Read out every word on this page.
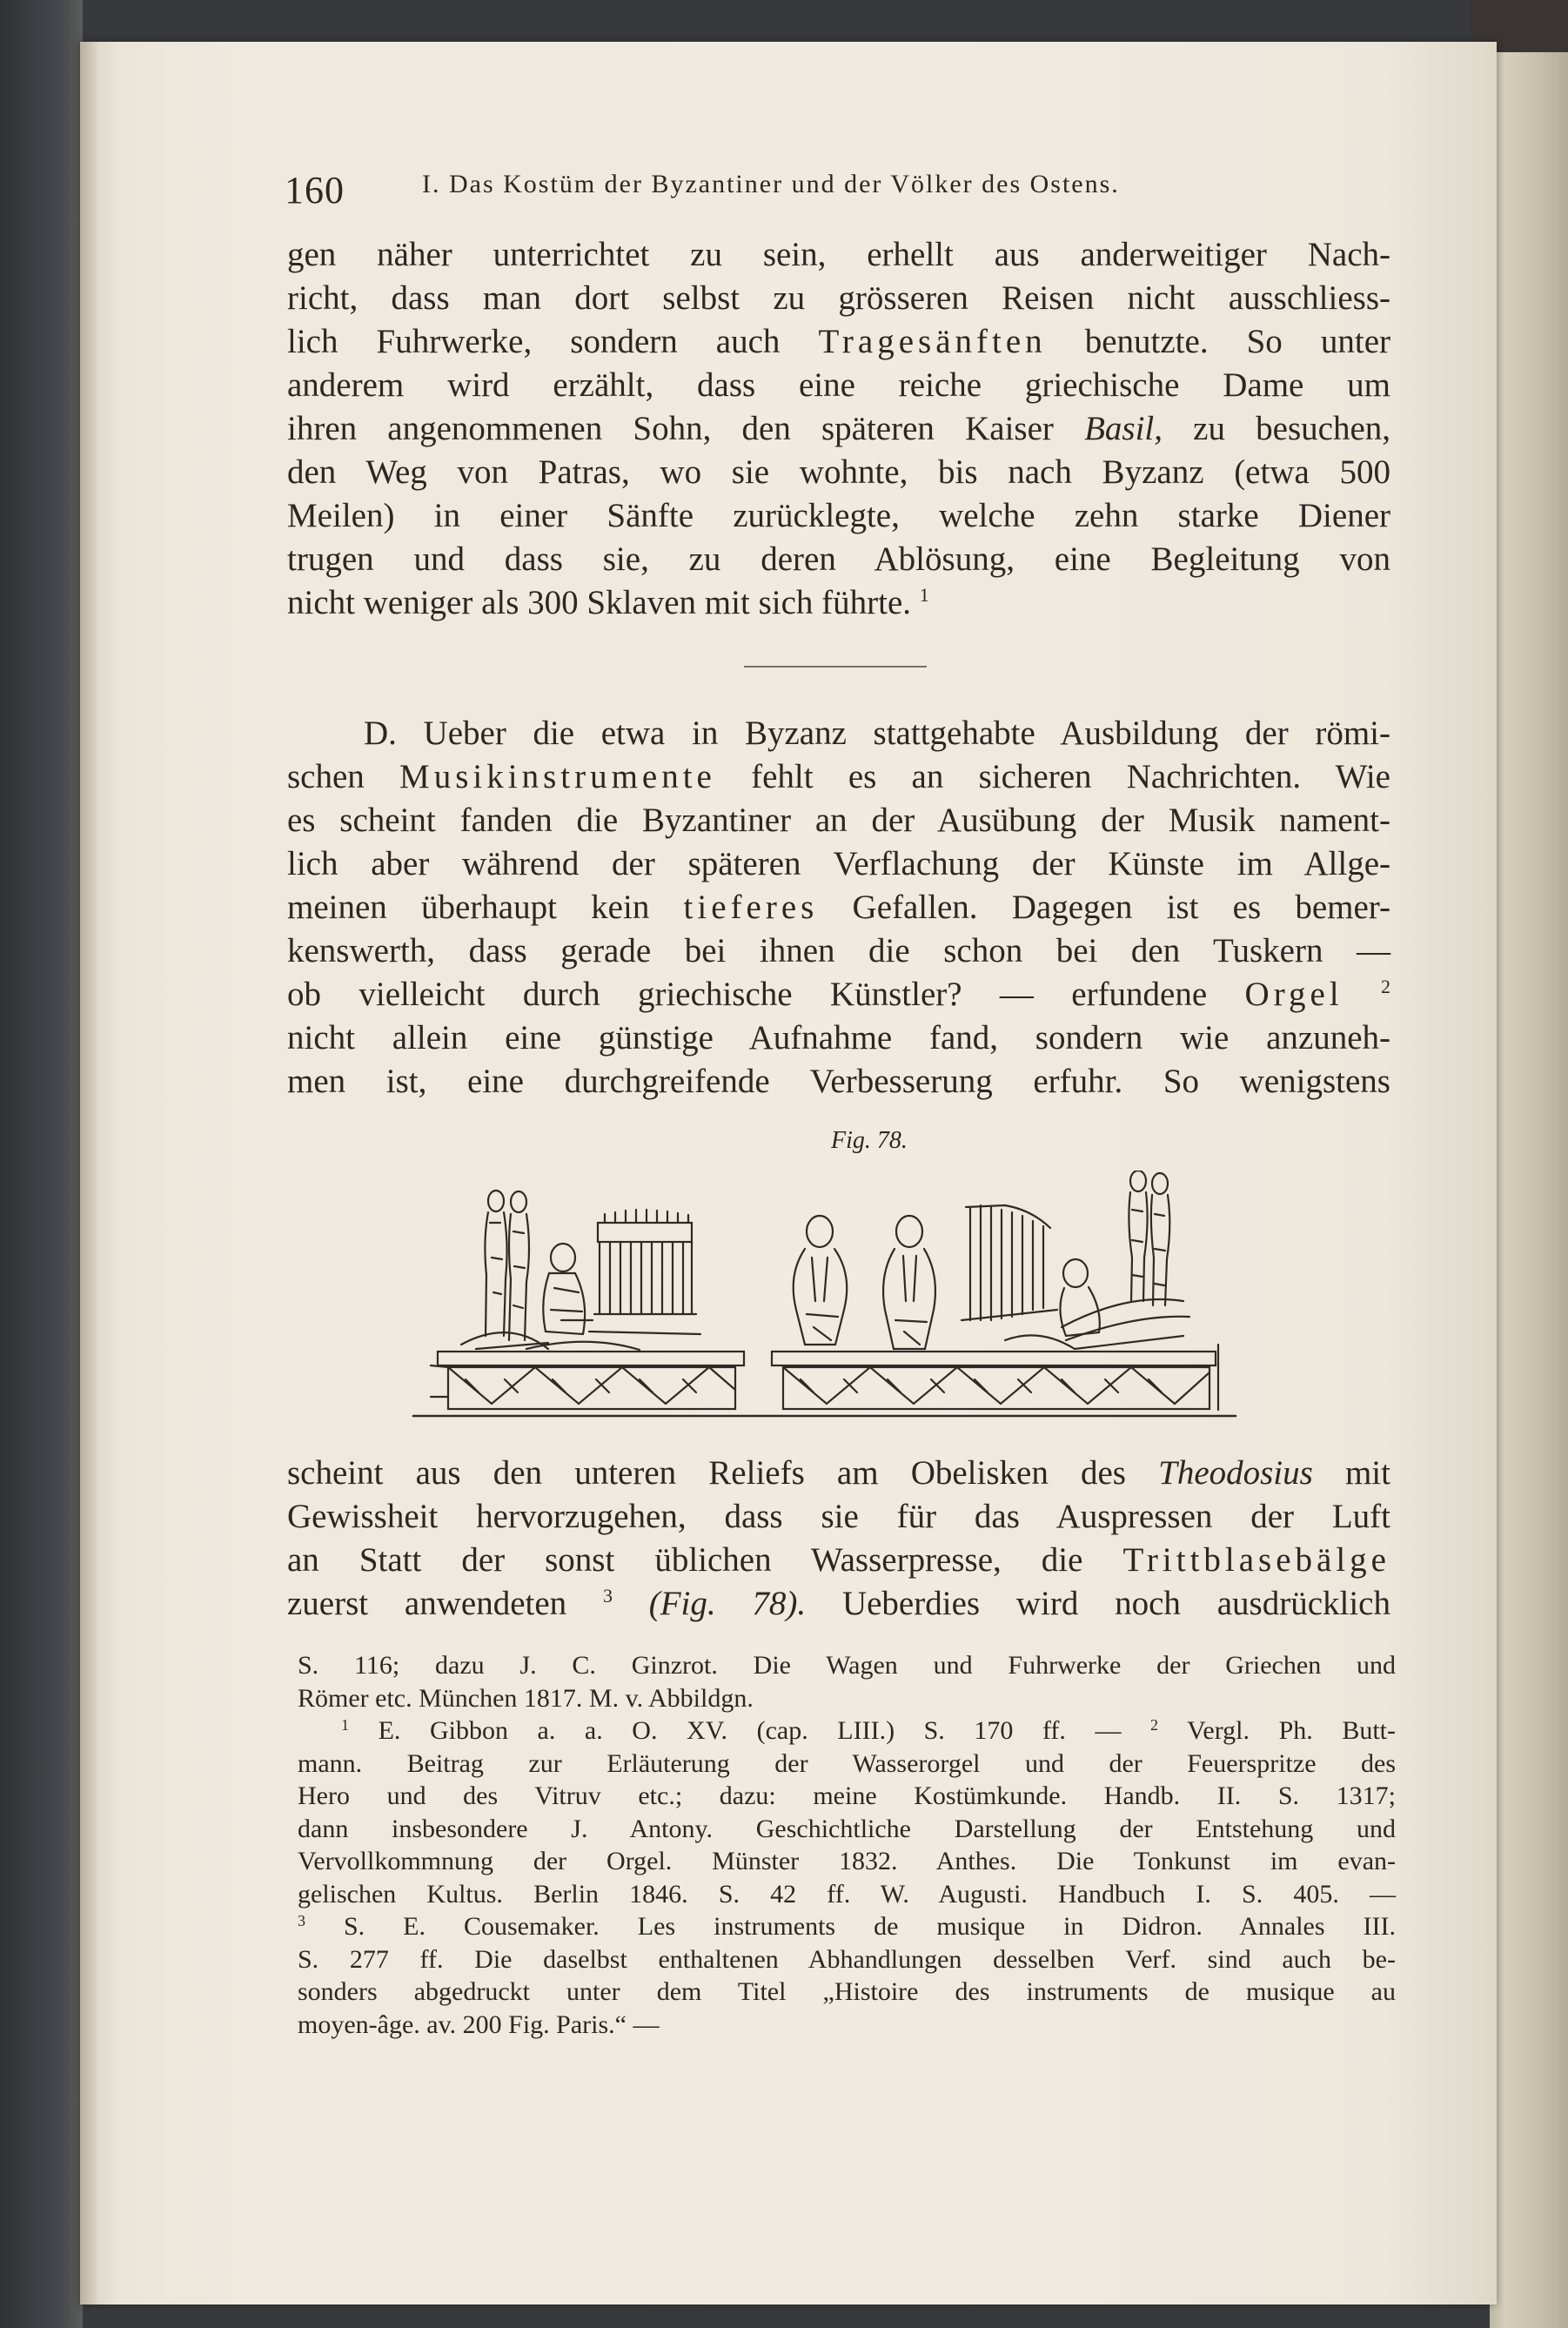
160	I. Das Kostüm der Byzantiner und der Völker des Ostens.
gen näher unterrichtet zu sein, erhellt aus anderweitiger Nach-
richt, dass man dort selbst zu grösseren Reisen nicht ausschliess-
lich Fuhrwerke, sondern auch Tragesänften benutzte. So unter
anderem wird erzählt, dass eine reiche griechische Dame um
ihren angenommenen Sohn, den späteren Kaiser Basil, zu besuchen,
den Weg von Patras, wo sie wohnte, bis nach Byzanz (etwa 500
Meilen) in einer Sänfte zurücklegte, welche zehn starke Diener
trugen und dass sie, zu deren Ablösung, eine Begleitung von
nicht weniger als 300 Sklaven mit sich führte. $^1$
D. Ueber die etwa in Byzanz stattgehabte Ausbildung der römi-
schen Musikinstrumente fehlt es an sicheren Nachrichten. Wie
es scheint fanden die Byzantiner an der Ausübung der Musik nament-
lich aber während der späteren Verflachung der Künste im Allge-
meinen überhaupt kein tieferes Gefallen. Dagegen ist es bemer-
kenswerth, dass gerade bei ihnen die schon bei den Tuskern —
ob vielleicht durch griechische Künstler? — erfundene Orgel $^2$
nicht allein eine günstige Aufnahme fand, sondern wie anzuneh-
men ist, eine durchgreifende Verbesserung erfuhr. So wenigstens
Fig. 78.
scheint aus den unteren Reliefs am Obelisken des Theodosius mit
Gewissheit hervorzugehen, dass sie für das Auspressen der Luft
an Statt der sonst üblichen Wasserpresse, die Trittblasebälge
zuerst anwendeten $^3$ (Fig. 78). Ueberdies wird noch ausdrücklich
S. 116; dazu J. C. Ginzrot. Die Wagen und Fuhrwerke der Griechen und
Römer etc. München 1817. M. v. Abbildgn.
$^1$ E. Gibbon a. a. O. XV. (cap. LIII.) S. 170 ff. — $^2$ Vergl. Ph. Butt-
mann. Beitrag zur Erläuterung der Wasserorgel und der Feuerspritze des
Hero und des Vitruv etc.; dazu: meine Kostümkunde. Handb. II. S. 1317;
dann insbesondere J. Antony. Geschichtliche Darstellung der Entstehung und
Vervollkommnung der Orgel. Münster 1832. Anthes. Die Tonkunst im evan-
gelischen Kultus. Berlin 1846. S. 42 ff. W. Augusti. Handbuch I. S. 405. —
$^3$ S. E. Cousemaker. Les instruments de musique in Didron. Annales III.
S. 277 ff. Die daselbst enthaltenen Abhandlungen desselben Verf. sind auch be-
sonders abgedruckt unter dem Titel „Histoire des instruments de musique au
moyen-âge. av. 200 Fig. Paris.“ —
